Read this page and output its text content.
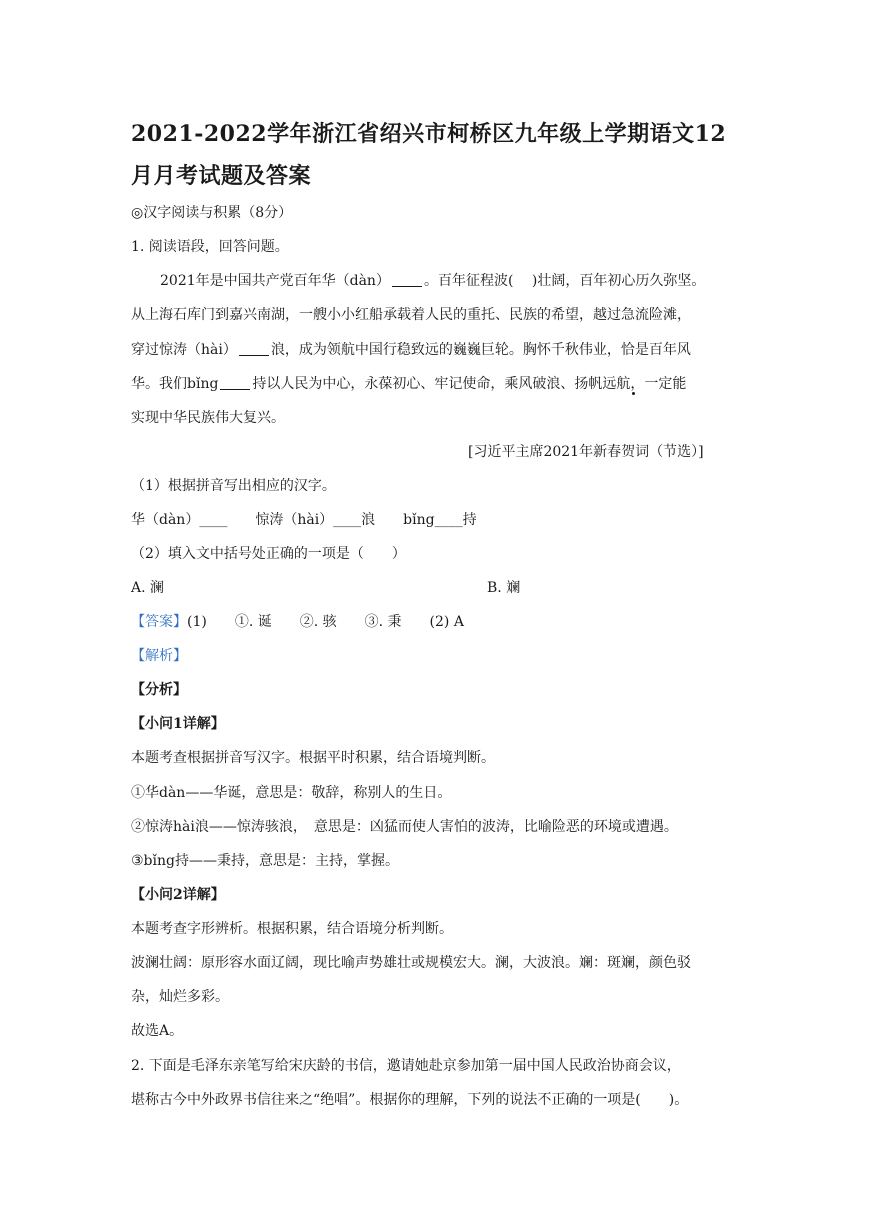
2021-2022学年浙江省绍兴市柯桥区九年级上学期语文12
月月考试题及答案
◎汉字阅读与积累（8分）
1. 阅读语段，回答问题。
2021年是中国共产党百年华（dàn） 。百年征程波(　 )壮阔，百年初心历久弥坚。
从上海石库门到嘉兴南湖，一艘小小红船承载着人民的重托、民族的希望，越过急流险滩，
穿过惊涛（hài） 浪，成为领航中国行稳致远的巍巍巨轮。胸怀千秋伟业，恰是百年风
华。我们bǐng 持以人民为中心，永葆初心、牢记使命，乘风破浪、扬帆远航，一定能
实现中华民族伟大复兴。
[习近平主席2021年新春贺词（节选）]
（1）根据拼音写出相应的汉字。
华（dàn）____　　惊涛（hài）____浪　　bǐng____持
（2）填入文中括号处正确的一项是（　　）
A. 澜	B. 斓
【答案】(1)　　①. 诞　　②. 骇　　③. 秉　　(2) A
【解析】
【分析】
【小问1详解】
本题考查根据拼音写汉字。根据平时积累，结合语境判断。
①华dàn——华诞，意思是：敬辞，称别人的生日。
②惊涛hài浪——惊涛骇浪，　意思是：凶猛而使人害怕的波涛，比喻险恶的环境或遭遇。
③bǐng持——秉持，意思是：主持，掌握。
【小问2详解】
本题考查字形辨析。根据积累，结合语境分析判断。
波澜壮阔：原形容水面辽阔，现比喻声势雄壮或规模宏大。澜，大波浪。斓：斑斓，颜色驳
杂，灿烂多彩。
故选A。
2. 下面是毛泽东亲笔写给宋庆龄的书信，邀请她赴京参加第一届中国人民政治协商会议，
堪称古今中外政界书信往来之“绝唱”。根据你的理解，下列的说法不正确的一项是(　　)。
